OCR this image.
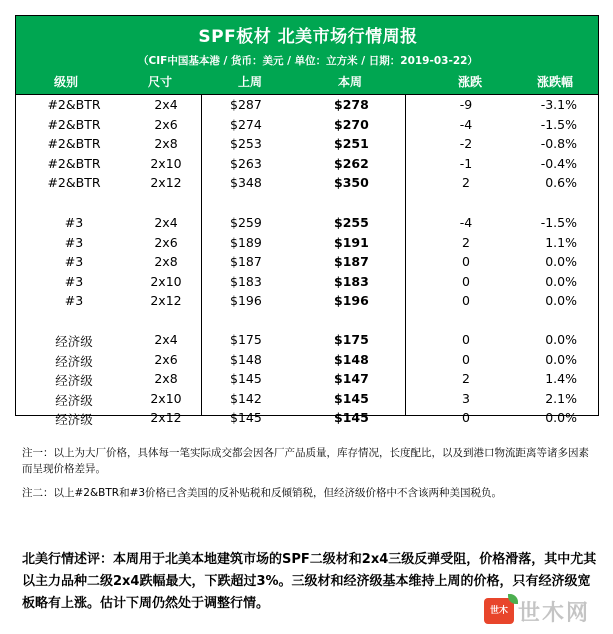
SPF板材 北美市场行情周报
（CIF中国基本港 / 货币：美元 / 单位：立方米 / 日期：2019-03-22）
级别	尺寸	上周	本周	涨跌	涨跌幅
#2&BTR	2x4	$287	$278	-9	-3.1%
#2&BTR	2x6	$274	$270	-4	-1.5%
#2&BTR	2x8	$253	$251	-2	-0.8%
#2&BTR	2x10	$263	$262	-1	-0.4%
#2&BTR	2x12	$348	$350	2	0.6%
#3	2x4	$259	$255	-4	-1.5%
#3	2x6	$189	$191	2	1.1%
#3	2x8	$187	$187	0	0.0%
#3	2x10	$183	$183	0	0.0%
#3	2x12	$196	$196	0	0.0%
经济级	2x4	$175	$175	0	0.0%
经济级	2x6	$148	$148	0	0.0%
经济级	2x8	$145	$147	2	1.4%
经济级	2x10	$142	$145	3	2.1%
经济级	2x12	$145	$145	0	0.0%
注一：以上为大厂价格，具体每一笔实际成交都会因各厂产品质量，库存情况，长度配比，以及到港口物流距离等诸多因素而呈现价格差异。
注二：以上#2&BTR和#3价格已含美国的反补贴税和反倾销税，但经济级价格中不含该两种美国税负。
北美行情述评：本周用于北美本地建筑市场的SPF二级材和2x4三级反弹受阻，价格滑落，其中尤其以主力品种二级2x4跌幅最大，下跌超过3%。三级材和经济级基本维持上周的价格，只有经济级宽板略有上涨。估计下周仍然处于调整行情。	世木 世木网
